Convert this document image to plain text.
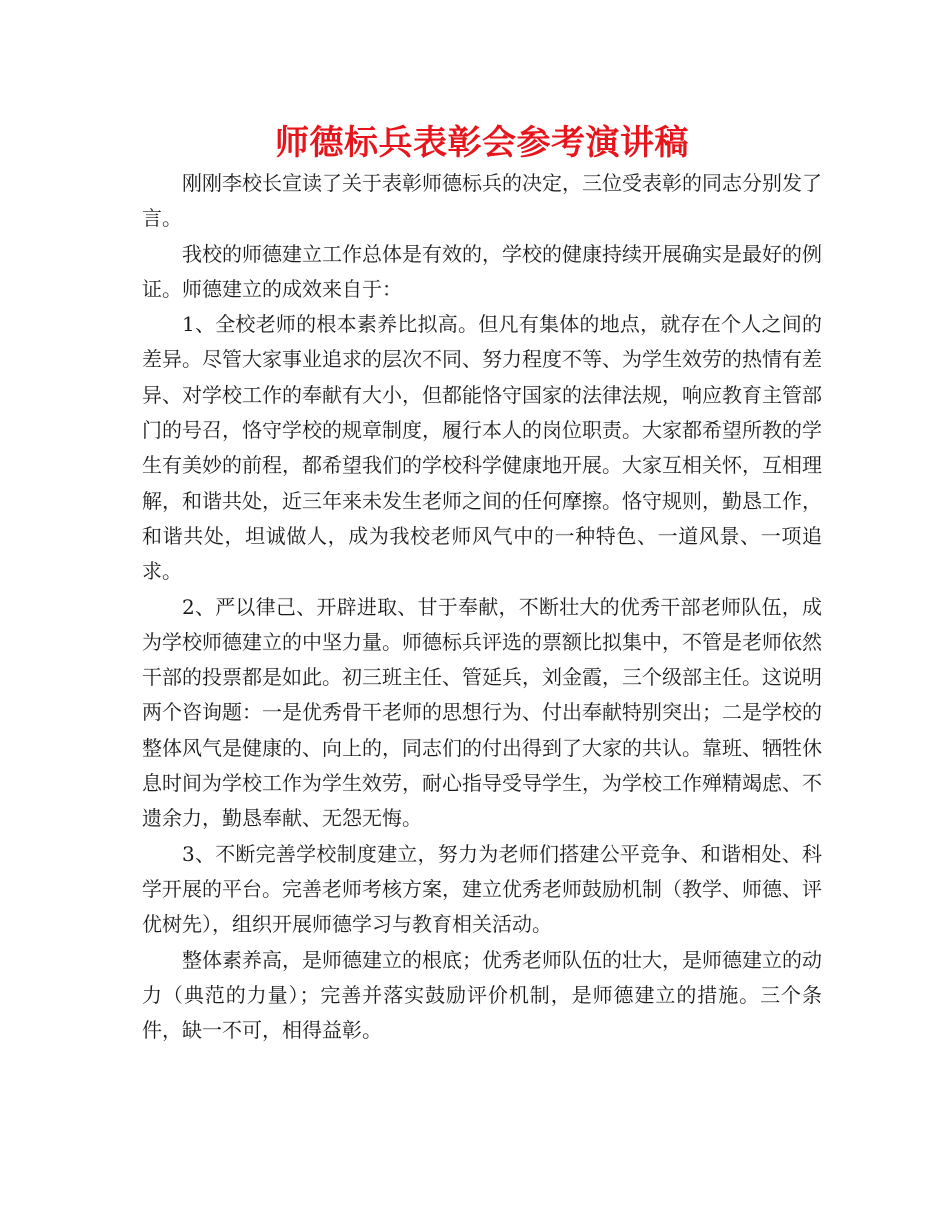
师德标兵表彰会参考演讲稿

刚刚李校长宣读了关于表彰师德标兵的决定，三位受表彰的同志分别发了言。

我校的师德建立工作总体是有效的，学校的健康持续开展确实是最好的例证。师德建立的成效来自于：

1、全校老师的根本素养比拟高。但凡有集体的地点，就存在个人之间的差异。尽管大家事业追求的层次不同、努力程度不等、为学生效劳的热情有差异、对学校工作的奉献有大小，但都能恪守国家的法律法规，响应教育主管部门的号召，恪守学校的规章制度，履行本人的岗位职责。大家都希望所教的学生有美妙的前程，都希望我们的学校科学健康地开展。大家互相关怀，互相理解，和谐共处，近三年来未发生老师之间的任何摩擦。恪守规则，勤恳工作，和谐共处，坦诚做人，成为我校老师风气中的一种特色、一道风景、一项追求。

2、严以律己、开辟进取、甘于奉献，不断壮大的优秀干部老师队伍，成为学校师德建立的中坚力量。师德标兵评选的票额比拟集中，不管是老师依然干部的投票都是如此。初三班主任、管延兵，刘金霞，三个级部主任。这说明两个咨询题：一是优秀骨干老师的思想行为、付出奉献特别突出；二是学校的整体风气是健康的、向上的，同志们的付出得到了大家的共认。靠班、牺牲休息时间为学校工作为学生效劳，耐心指导受导学生，为学校工作殚精竭虑、不遗余力，勤恳奉献、无怨无悔。

3、不断完善学校制度建立，努力为老师们搭建公平竞争、和谐相处、科学开展的平台。完善老师考核方案，建立优秀老师鼓励机制（教学、师德、评优树先），组织开展师德学习与教育相关活动。

整体素养高，是师德建立的根底；优秀老师队伍的壮大，是师德建立的动力（典范的力量）；完善并落实鼓励评价机制，是师德建立的措施。三个条件，缺一不可，相得益彰。
